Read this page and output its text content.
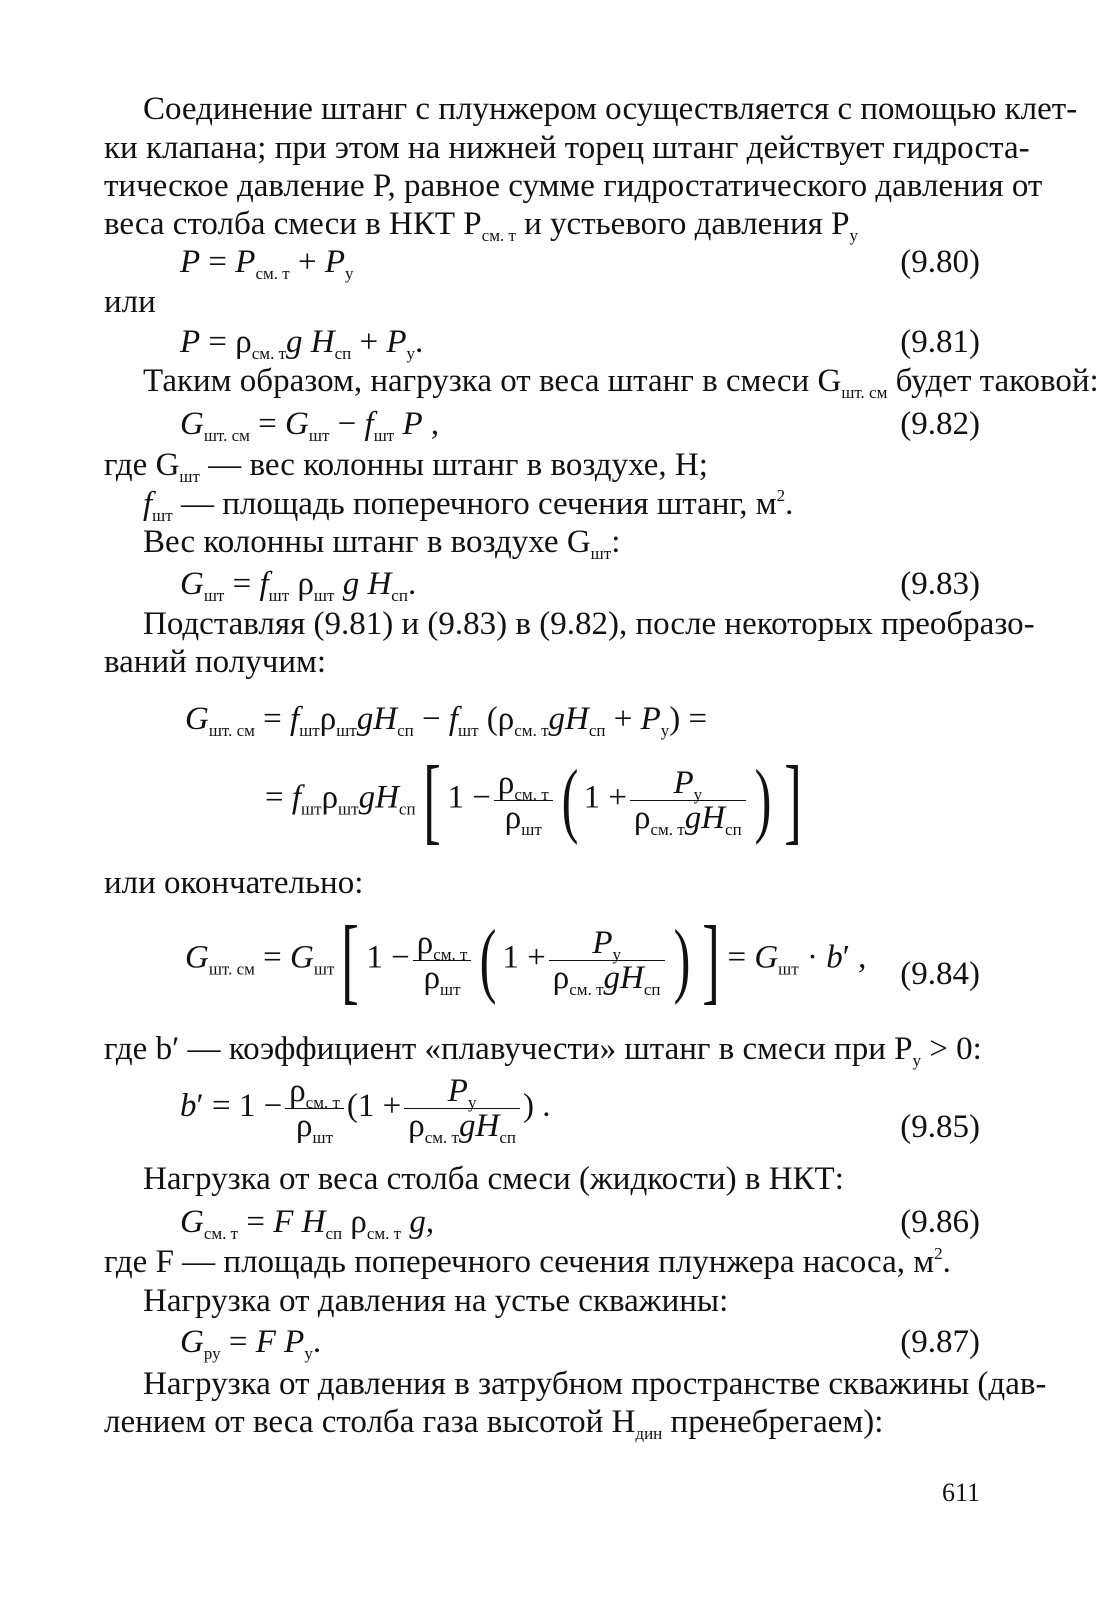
Соединение штанг с плунжером осуществляется с помощью клет-
ки клапана; при этом на нижней торец штанг действует гидроста-
тическое давление P, равное сумме гидростатического давления от
веса столба смеси в НКТ $P_{см. т}$ и устьевого давления $P_у$
$P = P_{см. т} + P_у$	(9.80)
или
$P = \rho_{см. т}g$ $H_{сп} + P_у$.	(9.81)
Таким образом, нагрузка от веса штанг в смеси $G_{шт. см}$ будет таковой:
$G_{шт. см} = G_{шт} - f_{шт}$ P ,	(9.82)
где $G_{шт}$ — вес колонны штанг в воздухе, Н;
$f_{шт}$ — площадь поперечного сечения штанг, $м^2$.
Вес колонны штанг в воздухе $G_{шт}$:
$G_{шт} = f_{шт}$ $\rho_{шт}$ g $H_{сп}$.	(9.83)
Подставляя (9.81) и (9.83) в (9.82), после некоторых преобразо-
ваний получим:
$G_{шт. см} = f_{шт}\rho_{шт}gH_{сп} - f_{шт}$ $(\rho_{см. т}gH_{сп} + P_у)$ =
= $f_{шт}\rho_{шт}gH_{сп}$[ $1 - \frac{\rho_{см. т}}{\rho_{шт}}$ ( $1 + \frac{P_у}{\rho_{см. т}gH_{сп}}$ ) ]
или окончательно:
$G_{шт. см} = G_{шт}$[ $1 - \frac{\rho_{см. т}}{\rho_{шт}}$ ( $1 + \frac{P_у}{\rho_{см. т}gH_{сп}}$ ) ] = $G_{шт} \cdot b'$ , (9.84)
где b′ — коэффициент «плавучести» штанг в смеси при $P_у > 0$:
$b' = 1 - \frac{\rho_{см. т}}{\rho_{шт}} (1 + \frac{P_у}{\rho_{см. т}gH_{сп}}$ ) .
(9.85)
Нагрузка от веса столба смеси (жидкости) в НКТ:
$G_{см. т} = F$ $H_{сп}$ $\rho_{см. т}$ g,	(9.86)
где F — площадь поперечного сечения плунжера насоса, $м^2$.
Нагрузка от давления на устье скважины:
$G_{ру} = F$ $P_у$.	(9.87)
Нагрузка от давления в затрубном пространстве скважины (дав-
лением от веса столба газа высотой $H_{дин}$ пренебрегаем):
611
